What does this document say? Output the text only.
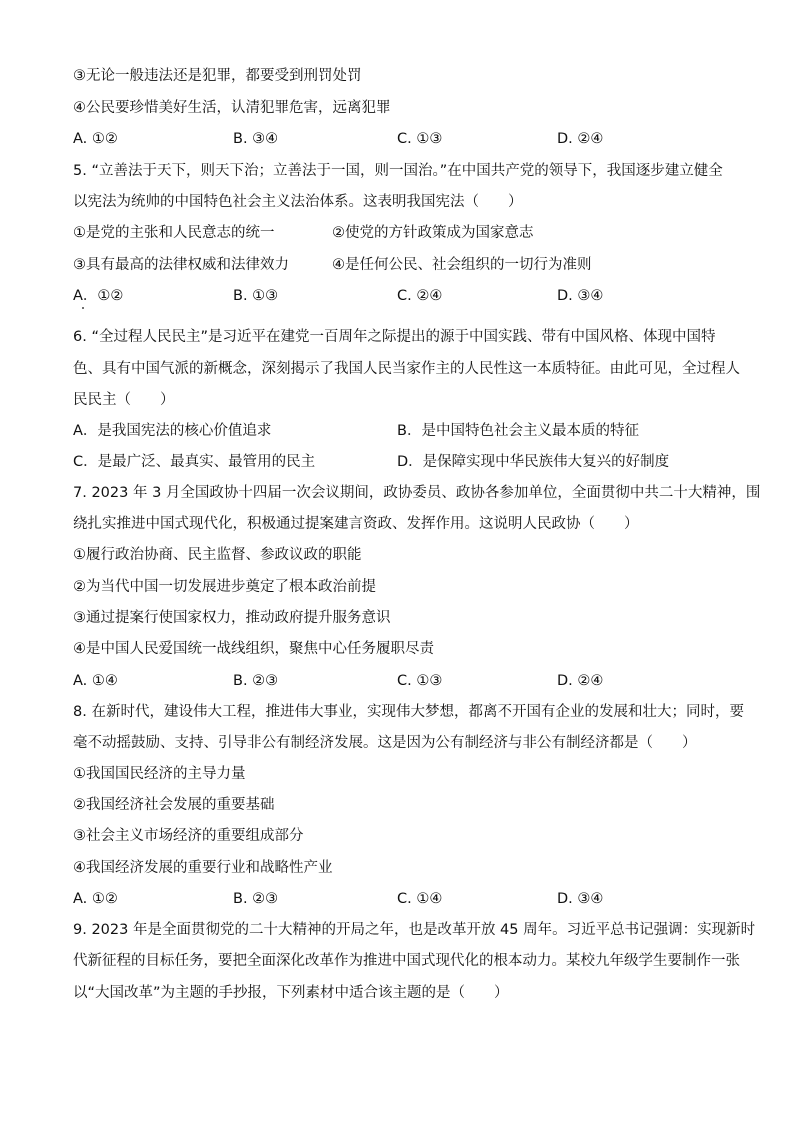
③无论一般违法还是犯罪，都要受到刑罚处罚
④公民要珍惜美好生活，认清犯罪危害，远离犯罪
A. ①②	B. ③④	C. ①③	D. ②④
5. “立善法于天下，则天下治；立善法于一国，则一国治。”在中国共产党的领导下，我国逐步建立健全
以宪法为统帅的中国特色社会主义法治体系。这表明我国宪法（　　）
①是党的主张和人民意志的统一	②使党的方针政策成为国家意志
③具有最高的法律权威和法律效力	④是任何公民、社会组织的一切行为准则
A．①②	B. ①③	C. ②④	D. ③④
6. “全过程人民民主”是习近平在建党一百周年之际提出的源于中国实践、带有中国风格、体现中国特
色、具有中国气派的新概念，深刻揭示了我国人民当家作主的人民性这一本质特征。由此可见，全过程人
民民主（　　）
A．是我国宪法的核心价值追求	B．是中国特色社会主义最本质的特征
C．是最广泛、最真实、最管用的民主	D．是保障实现中华民族伟大复兴的好制度
7. 2023 年 3 月全国政协十四届一次会议期间，政协委员、政协各参加单位，全面贯彻中共二十大精神，围
绕扎实推进中国式现代化，积极通过提案建言资政、发挥作用。这说明人民政协（　　）
①履行政治协商、民主监督、参政议政的职能
②为当代中国一切发展进步奠定了根本政治前提
③通过提案行使国家权力，推动政府提升服务意识
④是中国人民爱国统一战线组织，聚焦中心任务履职尽责
A. ①④	B. ②③	C. ①③	D. ②④
8. 在新时代，建设伟大工程，推进伟大事业，实现伟大梦想，都离不开国有企业的发展和壮大；同时，要
毫不动摇鼓励、支持、引导非公有制经济发展。这是因为公有制经济与非公有制经济都是（　　）
①我国国民经济的主导力量
②我国经济社会发展的重要基础
③社会主义市场经济的重要组成部分
④我国经济发展的重要行业和战略性产业
A. ①②	B. ②③	C. ①④	D. ③④
9. 2023 年是全面贯彻党的二十大精神的开局之年，也是改革开放 45 周年。习近平总书记强调：实现新时
代新征程的目标任务，要把全面深化改革作为推进中国式现代化的根本动力。某校九年级学生要制作一张
以“大国改革”为主题的手抄报，下列素材中适合该主题的是（　　）
